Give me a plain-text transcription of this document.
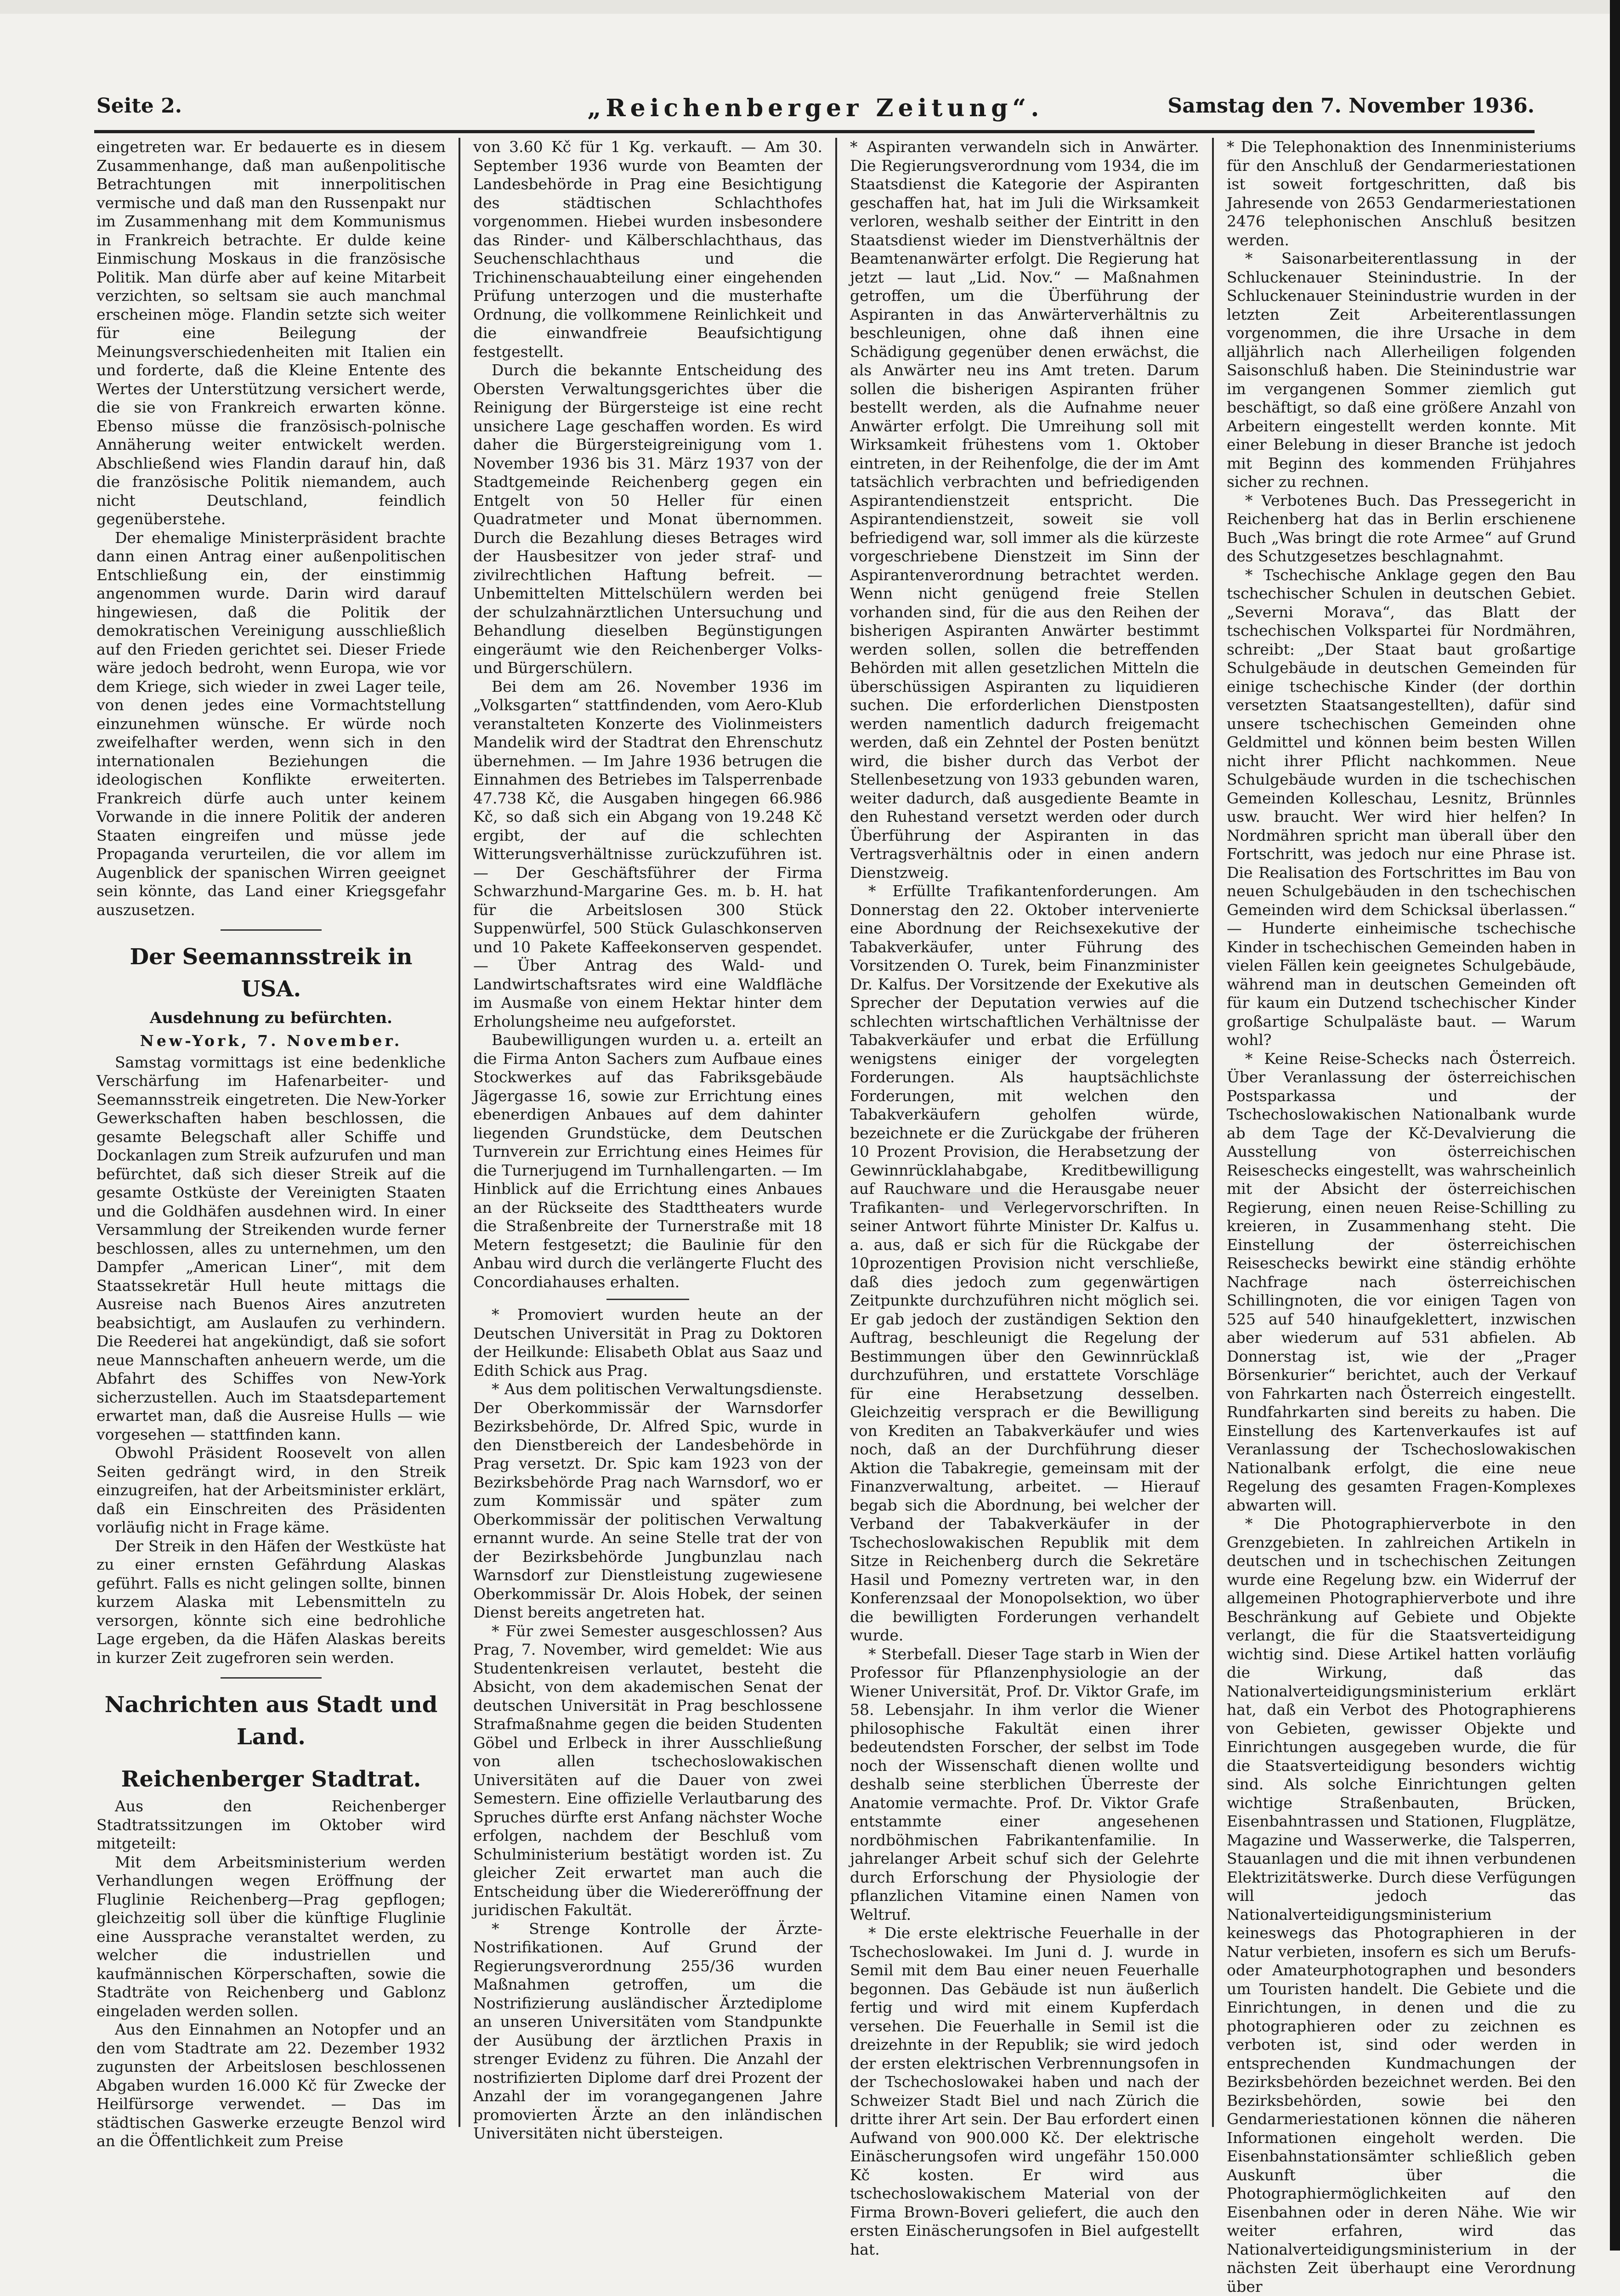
Seite 2.	„Reichenberger Zeitung“.	Samstag den 7. November 1936.

eingetreten war. Er bedauerte es in diesem Zusammenhange, daß man außenpolitische Betrachtungen mit innerpolitischen vermische und daß man den Russenpakt nur im Zusammenhang mit dem Kommunismus in Frankreich betrachte. Er dulde keine Einmischung Moskaus in die französische Politik. Man dürfe aber auf keine Mitarbeit verzichten, so seltsam sie auch manchmal erscheinen möge. Flandin setzte sich weiter für eine Beilegung der Meinungsverschiedenheiten mit Italien ein und forderte, daß die Kleine Entente des Wertes der Unterstützung versichert werde, die sie von Frankreich erwarten könne. Ebenso müsse die französisch-polnische Annäherung weiter entwickelt werden. Abschließend wies Flandin darauf hin, daß die französische Politik niemandem, auch nicht Deutschland, feindlich gegenüberstehe.

Der ehemalige Ministerpräsident brachte dann einen Antrag einer außenpolitischen Entschließung ein, der einstimmig angenommen wurde. Darin wird darauf hingewiesen, daß die Politik der demokratischen Vereinigung ausschließlich auf den Frieden gerichtet sei. Dieser Friede wäre jedoch bedroht, wenn Europa, wie vor dem Kriege, sich wieder in zwei Lager teile, von denen jedes eine Vormachtstellung einzunehmen wünsche. Er würde noch zweifelhafter werden, wenn sich in den internationalen Beziehungen die ideologischen Konflikte erweiterten. Frankreich dürfe auch unter keinem Vorwande in die innere Politik der anderen Staaten eingreifen und müsse jede Propaganda verurteilen, die vor allem im Augenblick der spanischen Wirren geeignet sein könnte, das Land einer Kriegsgefahr auszusetzen.

Der Seemannsstreik in USA.
Ausdehnung zu befürchten.
New-York, 7. November.

Samstag vormittags ist eine bedenkliche Verschärfung im Hafenarbeiter- und Seemannsstreik eingetreten. Die New-Yorker Gewerkschaften haben beschlossen, die gesamte Belegschaft aller Schiffe und Dockanlagen zum Streik aufzurufen und man befürchtet, daß sich dieser Streik auf die gesamte Ostküste der Vereinigten Staaten und die Goldhäfen ausdehnen wird. In einer Versammlung der Streikenden wurde ferner beschlossen, alles zu unternehmen, um den Dampfer „American Liner“, mit dem Staatssekretär Hull heute mittags die Ausreise nach Buenos Aires anzutreten beabsichtigt, am Auslaufen zu verhindern. Die Reederei hat angekündigt, daß sie sofort neue Mannschaften anheuern werde, um die Abfahrt des Schiffes von New-York sicherzustellen. Auch im Staatsdepartement erwartet man, daß die Ausreise Hulls — wie vorgesehen — stattfinden kann.

Obwohl Präsident Roosevelt von allen Seiten gedrängt wird, in den Streik einzugreifen, hat der Arbeitsminister erklärt, daß ein Einschreiten des Präsidenten vorläufig nicht in Frage käme.

Der Streik in den Häfen der Westküste hat zu einer ernsten Gefährdung Alaskas geführt. Falls es nicht gelingen sollte, binnen kurzem Alaska mit Lebensmitteln zu versorgen, könnte sich eine bedrohliche Lage ergeben, da die Häfen Alaskas bereits in kurzer Zeit zugefroren sein werden.

Nachrichten aus Stadt und Land.
Reichenberger Stadtrat.

Aus den Reichenberger Stadtratssitzungen im Oktober wird mitgeteilt:

Mit dem Arbeitsministerium werden Verhandlungen wegen Eröffnung der Fluglinie Reichenberg—Prag gepflogen; gleichzeitig soll über die künftige Fluglinie eine Aussprache veranstaltet werden, zu welcher die industriellen und kaufmännischen Körperschaften, sowie die Stadträte von Reichenberg und Gablonz eingeladen werden sollen.

Aus den Einnahmen an Notopfer und an den vom Stadtrate am 22. Dezember 1932 zugunsten der Arbeitslosen beschlossenen Abgaben wurden 16.000 Kč für Zwecke der Heilfürsorge verwendet. — Das im städtischen Gaswerke erzeugte Benzol wird an die Öffentlichkeit zum Preise

von 3.60 Kč für 1 Kg. verkauft. — Am 30. September 1936 wurde von Beamten der Landesbehörde in Prag eine Besichtigung des städtischen Schlachthofes vorgenommen. Hiebei wurden insbesondere das Rinder- und Kälberschlachthaus, das Seuchenschlachthaus und die Trichinenschauabteilung einer eingehenden Prüfung unterzogen und die musterhafte Ordnung, die vollkommene Reinlichkeit und die einwandfreie Beaufsichtigung festgestellt.

Durch die bekannte Entscheidung des Obersten Verwaltungsgerichtes über die Reinigung der Bürgersteige ist eine recht unsichere Lage geschaffen worden. Es wird daher die Bürgersteigreinigung vom 1. November 1936 bis 31. März 1937 von der Stadtgemeinde Reichenberg gegen ein Entgelt von 50 Heller für einen Quadratmeter und Monat übernommen. Durch die Bezahlung dieses Betrages wird der Hausbesitzer von jeder straf- und zivilrechtlichen Haftung befreit. — Unbemittelten Mittelschülern werden bei der schulzahnärztlichen Untersuchung und Behandlung dieselben Begünstigungen eingeräumt wie den Reichenberger Volks- und Bürgerschülern.

Bei dem am 26. November 1936 im „Volksgarten“ stattfindenden, vom Aero-Klub veranstalteten Konzerte des Violinmeisters Mandelik wird der Stadtrat den Ehrenschutz übernehmen. — Im Jahre 1936 betrugen die Einnahmen des Betriebes im Talsperrenbade 47.738 Kč, die Ausgaben hingegen 66.986 Kč, so daß sich ein Abgang von 19.248 Kč ergibt, der auf die schlechten Witterungsverhältnisse zurückzuführen ist. — Der Geschäftsführer der Firma Schwarzhund-Margarine Ges. m. b. H. hat für die Arbeitslosen 300 Stück Suppenwürfel, 500 Stück Gulaschkonserven und 10 Pakete Kaffeekonserven gespendet. — Über Antrag des Wald- und Landwirtschaftsrates wird eine Waldfläche im Ausmaße von einem Hektar hinter dem Erholungsheime neu aufgeforstet.

Baubewilligungen wurden u. a. erteilt an die Firma Anton Sachers zum Aufbaue eines Stockwerkes auf das Fabriksgebäude Jägergasse 16, sowie zur Errichtung eines ebenerdigen Anbaues auf dem dahinter liegenden Grundstücke, dem Deutschen Turnverein zur Errichtung eines Heimes für die Turnerjugend im Turnhallengarten. — Im Hinblick auf die Errichtung eines Anbaues an der Rückseite des Stadttheaters wurde die Straßenbreite der Turnerstraße mit 18 Metern festgesetzt; die Baulinie für den Anbau wird durch die verlängerte Flucht des Concordiahauses erhalten.

* Promoviert wurden heute an der Deutschen Universität in Prag zu Doktoren der Heilkunde: Elisabeth Oblat aus Saaz und Edith Schick aus Prag.

* Aus dem politischen Verwaltungsdienste. Der Oberkommissär der Warnsdorfer Bezirksbehörde, Dr. Alfred Spic, wurde in den Dienstbereich der Landesbehörde in Prag versetzt. Dr. Spic kam 1923 von der Bezirksbehörde Prag nach Warnsdorf, wo er zum Kommissär und später zum Oberkommissär der politischen Verwaltung ernannt wurde. An seine Stelle trat der von der Bezirksbehörde Jungbunzlau nach Warnsdorf zur Dienstleistung zugewiesene Oberkommissär Dr. Alois Hobek, der seinen Dienst bereits angetreten hat.

* Für zwei Semester ausgeschlossen? Aus Prag, 7. November, wird gemeldet: Wie aus Studentenkreisen verlautet, besteht die Absicht, von dem akademischen Senat der deutschen Universität in Prag beschlossene Strafmaßnahme gegen die beiden Studenten Göbel und Erlbeck in ihrer Ausschließung von allen tschechoslowakischen Universitäten auf die Dauer von zwei Semestern. Eine offizielle Verlautbarung des Spruches dürfte erst Anfang nächster Woche erfolgen, nachdem der Beschluß vom Schulministerium bestätigt worden ist. Zu gleicher Zeit erwartet man auch die Entscheidung über die Wiedereröffnung der juridischen Fakultät.

* Strenge Kontrolle der Ärzte-Nostrifikationen. Auf Grund der Regierungsverordnung 255/36 wurden Maßnahmen getroffen, um die Nostrifizierung ausländischer Ärztediplome an unseren Universitäten vom Standpunkte der Ausübung der ärztlichen Praxis in strenger Evidenz zu führen. Die Anzahl der nostrifizierten Diplome darf drei Prozent der Anzahl der im vorangegangenen Jahre promovierten Ärzte an den inländischen Universitäten nicht übersteigen.

* Aspiranten verwandeln sich in Anwärter. Die Regierungsverordnung vom 1934, die im Staatsdienst die Kategorie der Aspiranten geschaffen hat, hat im Juli die Wirksamkeit verloren, weshalb seither der Eintritt in den Staatsdienst wieder im Dienstverhältnis der Beamtenanwärter erfolgt. Die Regierung hat jetzt — laut „Lid. Nov.“ — Maßnahmen getroffen, um die Überführung der Aspiranten in das Anwärterverhältnis zu beschleunigen, ohne daß ihnen eine Schädigung gegenüber denen erwächst, die als Anwärter neu ins Amt treten. Darum sollen die bisherigen Aspiranten früher bestellt werden, als die Aufnahme neuer Anwärter erfolgt. Die Umreihung soll mit Wirksamkeit frühestens vom 1. Oktober eintreten, in der Reihenfolge, die der im Amt tatsächlich verbrachten und befriedigenden Aspirantendienstzeit entspricht. Die Aspirantendienstzeit, soweit sie voll befriedigend war, soll immer als die kürzeste vorgeschriebene Dienstzeit im Sinn der Aspirantenverordnung betrachtet werden. Wenn nicht genügend freie Stellen vorhanden sind, für die aus den Reihen der bisherigen Aspiranten Anwärter bestimmt werden sollen, sollen die betreffenden Behörden mit allen gesetzlichen Mitteln die überschüssigen Aspiranten zu liquidieren suchen. Die erforderlichen Dienstposten werden namentlich dadurch freigemacht werden, daß ein Zehntel der Posten benützt wird, die bisher durch das Verbot der Stellenbesetzung von 1933 gebunden waren, weiter dadurch, daß ausgediente Beamte in den Ruhestand versetzt werden oder durch Überführung der Aspiranten in das Vertragsverhältnis oder in einen andern Dienstzweig.

* Erfüllte Trafikantenforderungen. Am Donnerstag den 22. Oktober intervenierte eine Abordnung der Reichsexekutive der Tabakverkäufer, unter Führung des Vorsitzenden O. Turek, beim Finanzminister Dr. Kalfus. Der Vorsitzende der Exekutive als Sprecher der Deputation verwies auf die schlechten wirtschaftlichen Verhältnisse der Tabakverkäufer und erbat die Erfüllung wenigstens einiger der vorgelegten Forderungen. Als hauptsächlichste Forderungen, mit welchen den Tabakverkäufern geholfen würde, bezeichnete er die Zurückgabe der früheren 10 Prozent Provision, die Herabsetzung der Gewinnrücklahabgabe, Kreditbewilligung auf Rauchware und die Herausgabe neuer Trafikanten- und Verlegervorschriften. In seiner Antwort führte Minister Dr. Kalfus u. a. aus, daß er sich für die Rückgabe der 10prozentigen Provision nicht verschließe, daß dies jedoch zum gegenwärtigen Zeitpunkte durchzuführen nicht möglich sei. Er gab jedoch der zuständigen Sektion den Auftrag, beschleunigt die Regelung der Bestimmungen über den Gewinnrücklaß durchzuführen, und erstattete Vorschläge für eine Herabsetzung desselben. Gleichzeitig versprach er die Bewilligung von Krediten an Tabakverkäufer und wies noch, daß an der Durchführung dieser Aktion die Tabakregie, gemeinsam mit der Finanzverwaltung, arbeitet. — Hierauf begab sich die Abordnung, bei welcher der Verband der Tabakverkäufer in der Tschechoslowakischen Republik mit dem Sitze in Reichenberg durch die Sekretäre Hasil und Pomezny vertreten war, in den Konferenzsaal der Monopolsektion, wo über die bewilligten Forderungen verhandelt wurde.

* Sterbefall. Dieser Tage starb in Wien der Professor für Pflanzenphysiologie an der Wiener Universität, Prof. Dr. Viktor Grafe, im 58. Lebensjahr. In ihm verlor die Wiener philosophische Fakultät einen ihrer bedeutendsten Forscher, der selbst im Tode noch der Wissenschaft dienen wollte und deshalb seine sterblichen Überreste der Anatomie vermachte. Prof. Dr. Viktor Grafe entstammte einer angesehenen nordböhmischen Fabrikantenfamilie. In jahrelanger Arbeit schuf sich der Gelehrte durch Erforschung der Physiologie der pflanzlichen Vitamine einen Namen von Weltruf.

* Die erste elektrische Feuerhalle in der Tschechoslowakei. Im Juni d. J. wurde in Semil mit dem Bau einer neuen Feuerhalle begonnen. Das Gebäude ist nun äußerlich fertig und wird mit einem Kupferdach versehen. Die Feuerhalle in Semil ist die dreizehnte in der Republik; sie wird jedoch der ersten elektrischen Verbrennungsofen in der Tschechoslowakei haben und nach der Schweizer Stadt Biel und nach Zürich die dritte ihrer Art sein. Der Bau erfordert einen Aufwand von 900.000 Kč. Der elektrische Einäscherungsofen wird ungefähr 150.000 Kč kosten. Er wird aus tschechoslowakischem Material von der Firma Brown-Boveri geliefert, die auch den ersten Einäscherungsofen in Biel aufgestellt hat.

* Die Telephonaktion des Innenministeriums für den Anschluß der Gendarmeriestationen ist soweit fortgeschritten, daß bis Jahresende von 2653 Gendarmeriestationen 2476 telephonischen Anschluß besitzen werden.

* Saisonarbeiterentlassung in der Schluckenauer Steinindustrie. In der Schluckenauer Steinindustrie wurden in der letzten Zeit Arbeiterentlassungen vorgenommen, die ihre Ursache in dem alljährlich nach Allerheiligen folgenden Saisonschluß haben. Die Steinindustrie war im vergangenen Sommer ziemlich gut beschäftigt, so daß eine größere Anzahl von Arbeitern eingestellt werden konnte. Mit einer Belebung in dieser Branche ist jedoch mit Beginn des kommenden Frühjahres sicher zu rechnen.

* Verbotenes Buch. Das Pressegericht in Reichenberg hat das in Berlin erschienene Buch „Was bringt die rote Armee“ auf Grund des Schutzgesetzes beschlagnahmt.

* Tschechische Anklage gegen den Bau tschechischer Schulen in deutschen Gebiet. „Severni Morava“, das Blatt der tschechischen Volkspartei für Nordmähren, schreibt: „Der Staat baut großartige Schulgebäude in deutschen Gemeinden für einige tschechische Kinder (der dorthin versetzten Staatsangestellten), dafür sind unsere tschechischen Gemeinden ohne Geldmittel und können beim besten Willen nicht ihrer Pflicht nachkommen. Neue Schulgebäude wurden in die tschechischen Gemeinden Kolleschau, Lesnitz, Brünnles usw. braucht. Wer wird hier helfen? In Nordmähren spricht man überall über den Fortschritt, was jedoch nur eine Phrase ist. Die Realisation des Fortschrittes im Bau von neuen Schulgebäuden in den tschechischen Gemeinden wird dem Schicksal überlassen.“ — Hunderte einheimische tschechische Kinder in tschechischen Gemeinden haben in vielen Fällen kein geeignetes Schulgebäude, während man in deutschen Gemeinden oft für kaum ein Dutzend tschechischer Kinder großartige Schulpaläste baut. — Warum wohl?

* Keine Reise-Schecks nach Österreich. Über Veranlassung der österreichischen Postsparkassa und der Tschechoslowakischen Nationalbank wurde ab dem Tage der Kč-Devalvierung die Ausstellung von österreichischen Reiseschecks eingestellt, was wahrscheinlich mit der Absicht der österreichischen Regierung, einen neuen Reise-Schilling zu kreieren, in Zusammenhang steht. Die Einstellung der österreichischen Reiseschecks bewirkt eine ständig erhöhte Nachfrage nach österreichischen Schillingnoten, die vor einigen Tagen von 525 auf 540 hinaufgeklettert, inzwischen aber wiederum auf 531 abfielen. Ab Donnerstag ist, wie der „Prager Börsenkurier“ berichtet, auch der Verkauf von Fahrkarten nach Österreich eingestellt. Rundfahrkarten sind bereits zu haben. Die Einstellung des Kartenverkaufes ist auf Veranlassung der Tschechoslowakischen Nationalbank erfolgt, die eine neue Regelung des gesamten Fragen-Komplexes abwarten will.

* Die Photographierverbote in den Grenzgebieten. In zahlreichen Artikeln in deutschen und in tschechischen Zeitungen wurde eine Regelung bzw. ein Widerruf der allgemeinen Photographierverbote und ihre Beschränkung auf Gebiete und Objekte verlangt, die für die Staatsverteidigung wichtig sind. Diese Artikel hatten vorläufig die Wirkung, daß das Nationalverteidigungsministerium erklärt hat, daß ein Verbot des Photographierens von Gebieten, gewisser Objekte und Einrichtungen ausgegeben wurde, die für die Staatsverteidigung besonders wichtig sind. Als solche Einrichtungen gelten wichtige Straßenbauten, Brücken, Eisenbahntrassen und Stationen, Flugplätze, Magazine und Wasserwerke, die Talsperren, Stauanlagen und die mit ihnen verbundenen Elektrizitätswerke. Durch diese Verfügungen will jedoch das Nationalverteidigungsministerium keineswegs das Photographieren in der Natur verbieten, insofern es sich um Berufs- oder Amateurphotographen und besonders um Touristen handelt. Die Gebiete und die Einrichtungen, in denen und die zu photographieren oder zu zeichnen es verboten ist, sind oder werden in entsprechenden Kundmachungen der Bezirksbehörden bezeichnet werden. Bei den Bezirksbehörden, sowie bei den Gendarmeriestationen können die näheren Informationen eingeholt werden. Die Eisenbahnstationsämter schließlich geben Auskunft über die Photographiermöglichkeiten auf den Eisenbahnen oder in deren Nähe. Wie wir weiter erfahren, wird das Nationalverteidigungsministerium in der nächsten Zeit überhaupt eine Verordnung über
